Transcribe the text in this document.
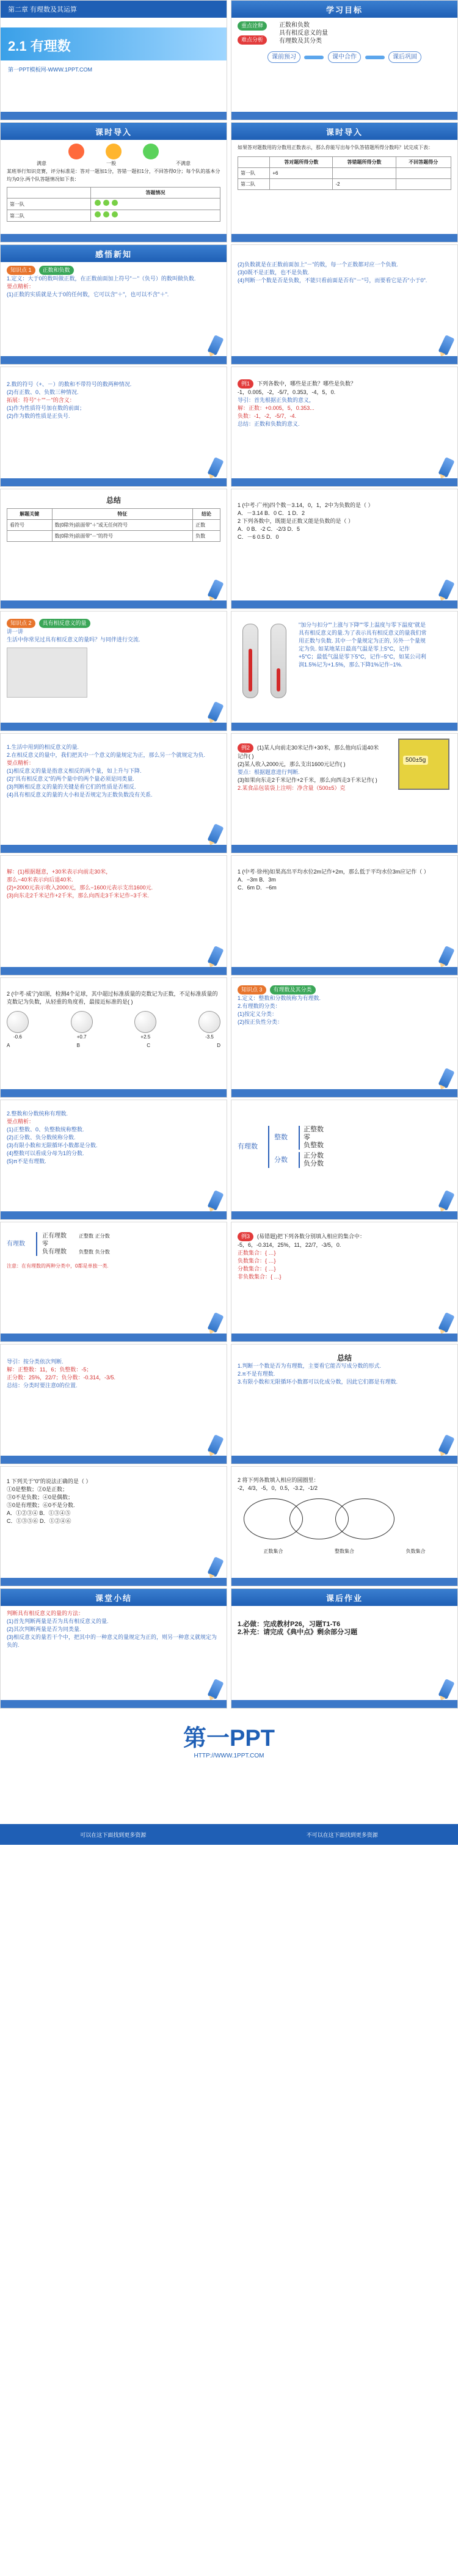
第二章 有理数及其运算
2.1 有理数
第一PPT模板网-WWW.1PPT.COM
学习目标
重点诠释
难点分析
正数和负数
具有相反意义的量
有理数及其分类
课前预习	课中合作	课后巩固
课时导入

满意	一般	不满意
某班举行知识竞赛，评分标准是：答对一题加1分，答错一题扣1分，不回答得0分；每个队的基本分均为0分.两个队答题情况如下表：
	答题情况
第一队	
第二队	
课时导入
如果答对题数用的分数用正数表示，那么你能写出每个队答错题所得分数吗？试完成下表：
	答对题所得分数	答错题所得分数	不回答题得分
第一队	+6		
第二队		-2	
感悟新知
知识点 1 正数和负数
1.定义：大于0的数叫做正数，在正数前面加上符号"－"（负号）的数叫做负数.
要点精析：
(1)正数的实质就是大于0的任何数，它可以含"＋"，也可以不含"＋".
(2)负数就是在正数前面加上"－"的数，每一个正数都对应一个负数.
(3)0既不是正数，也不是负数.
(4)判断一个数是否是负数，不能只看前面是否有"－"号，而要看它是否"小于0".
2.数的符号（+、－）的数和不带符号的数两种情况.
(2)有正数、0、负数三种情况.
拓展：符号"＋""－"的含义：
(1)作为性质符号加在数的前面；
(2)作为数的性质是正负号.
例1 下列各数中，哪些是正数？哪些是负数？
-1，0.005，-2，-5/7，0.353，-4，5，0.
导引：首先根据正负数的意义，
解：正数：+0.005，5，0.353...
负数：-1，-2，-5/7，-4.
总结：正数和负数的意义.
总结
解题关键	特征	结论
看符号	数(0除外)前面带"＋"或无任何符号	正数
	数(0除外)前面带"－"的符号	负数
1 (中考·广州)四个数－3.14，0，1，2中为负数的是（ ）
A．－3.14 B．0 C．1 D．2
2 下列各数中，既能是正数又能是负数的是（ ）
A．0 B．-2 C．-2/3 D．5
C．－6 0.5 D．0
知识点 2 具有相反意义的量
讲一讲
生活中你常见过具有相反意义的量吗？与同伴进行交流.
"加分与扣分""上涨与下降""零上温度与零下温度"就是具有相反意义的量.为了表示具有相反意义的量我们常用正数与负数. 其中一个量规定为正的, 另外一个量规定为负. 如某地某日最高气温是零上5°C，记作+5°C；最低气温是零下5°C，记作−5°C，如某公司利润1.5%记为+1.5%，那么下降1%记作−1%.
1.生活中用到的相反意义的量.
2.在相反意义的量中，我们把其中一个意义的量规定为正，那么另一个就规定为负.
要点精析：
(1)相反意义的量是指意义相反的两个量，如上升与下降.
(2)"具有相反意义"的两个量中的两个量必须是同类量.
(3)判断相反意义的量的关键是看它们的性质是否相反.
(4)具有相反意义的量的大小和是否规定为正数负数没有关系.
例2 (1)某人向前走30米记作+30米，那么他向后退40米记作( )
(2)某人收入2000元，那么支出1600元记作( )
要点：根据题意进行判断.
(3)如果向东走2千米记作+2千米，那么向西走3千米记作( )
2.某食品包装袋上注明：净含量（500±5）克
500±5g
解：(1)根据题意，+30米表示向前走30米，
那么−40米表示向后退40米.
(2)+2000元表示收入2000元，那么−1600元表示支出1600元.
(3)向东走2千米记作+2千米，那么向西走3千米记作−3千米.
1 (中考·徐州)如果高出平均水位2m记作+2m，那么低于平均水位3m应记作（ ）
A．−3m B．3m
C．6m D．−6m
2 (中考·威宁)如图，检测4个足球，其中超过标准质量的克数记为正数，不足标准质量的克数记为负数，从轻重的角度看，最接近标准的是( )
-0.6	+0.7	+2.5	-3.5
A	B	C	D
知识点 3 有理数及其分类
1.定义：整数和分数统称为有理数.
2.有理数的分类：
(1)按定义分类：
(2)按正负性分类：
2.整数和分数统称有理数.
要点精析：
(1)正整数、0、负整数统称整数.
(2)正分数、负分数统称分数.
(3)有限小数和无限循环小数都是分数.
(4)整数可以看成分母为1的分数.
(5)π不是有理数.
有理数
整数
正整数
零
负整数
分数
正分数
负分数
有理数
正有理数	正整数
正分数
零
负有理数	负整数
负分数
注意：在有理数的两种分类中，0都是单独一类.
例3 (易错题)把下列各数分别填入相应的集合中：
-5，6，-0.314，25%，11，22/7，-3/5，0.
正数集合：{ …}
负数集合：{ …}
分数集合：{ …}
非负数集合：{ …}
导引：按分类依次判断.
解：正整数：11，6；负整数：-5；
正分数：25%，22/7；负分数：-0.314，-3/5.
总结：分类时要注意0的位置.
总结
1.判断一个数是否为有理数，主要看它能否写成分数的形式.
2.π不是有理数.
3.有限小数和无限循环小数都可以化成分数，因此它们都是有理数.
1 下列关于"0"的说法正确的是（ ）
①0是整数；②0是正数；
③0不是负数；④0是偶数；
⑤0是有理数；⑥0不是分数.
A．①②③④ B．①③④⑤
C．①③⑤⑥ D．①②④⑥
2 将下列各数填入相应的圆圈里：
-2，4/3，-5，0，0.5，-3.2，-1/2
正数集合	整数集合	负数集合
课堂小结
判断具有相反意义的量的方法：
(1)首先判断两量是否为具有相反意义的量.
(2)其次判断两量是否为同类量.
(3)相反意义的量若干个中，把其中的一种意义的量规定为正的，则另一种意义就规定为负的.
课后作业
1.必做：完成教材P26，习题T1-T6
2.补充：请完成《典中点》剩余部分习题
第一PPT
HTTP://WWW.1PPT.COM
可以在这下面找到更多资源	不可以在这下面找到更多资源
